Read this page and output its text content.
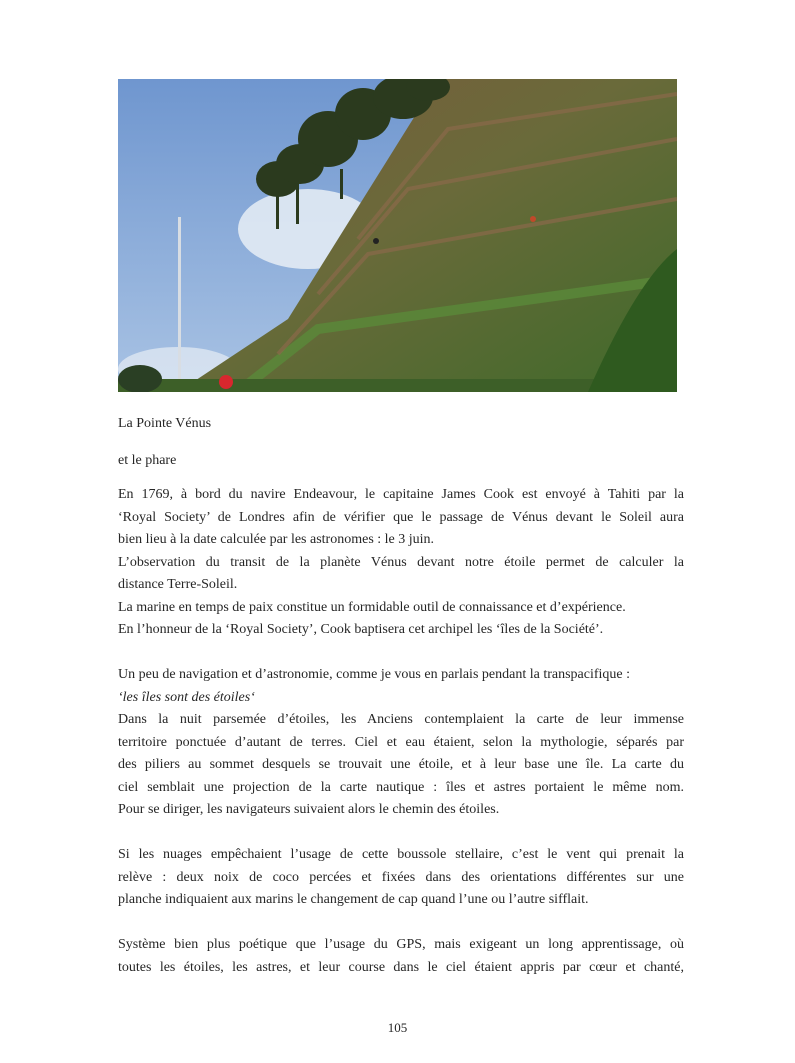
La Pointe Vénus

et le phare

En 1769, à bord du navire Endeavour, le capitaine James Cook est envoyé à Tahiti par la
‘Royal Society’ de Londres afin de vérifier que le passage de Vénus devant le Soleil aura
bien lieu à la date calculée par les astronomes : le 3 juin.
L’observation du transit de la planète Vénus devant notre étoile permet de calculer la
distance Terre-Soleil.
La marine en temps de paix constitue un formidable outil de connaissance et d’expérience.
En l’honneur de la ‘Royal Society’, Cook baptisera cet archipel les ‘îles de la Société’.
Un peu de navigation et d’astronomie, comme je vous en parlais pendant la transpacifique :
‘les îles sont des étoiles‘
Dans la nuit parsemée d’étoiles, les Anciens contemplaient la carte de leur immense
territoire ponctuée d’autant de terres. Ciel et eau étaient, selon la mythologie, séparés par
des piliers au sommet desquels se trouvait une étoile, et à leur base une île. La carte du
ciel semblait une projection de la carte nautique : îles et astres portaient le même nom.
Pour se diriger, les navigateurs suivaient alors le chemin des étoiles.
Si les nuages empêchaient l’usage de cette boussole stellaire, c’est le vent qui prenait la
relève : deux noix de coco percées et fixées dans des orientations différentes sur une
planche indiquaient aux marins le changement de cap quand l’une ou l’autre sifflait.
Système bien plus poétique que l’usage du GPS, mais exigeant un long apprentissage, où
toutes les étoiles, les astres, et leur course dans le ciel étaient appris par cœur et chanté,
105
